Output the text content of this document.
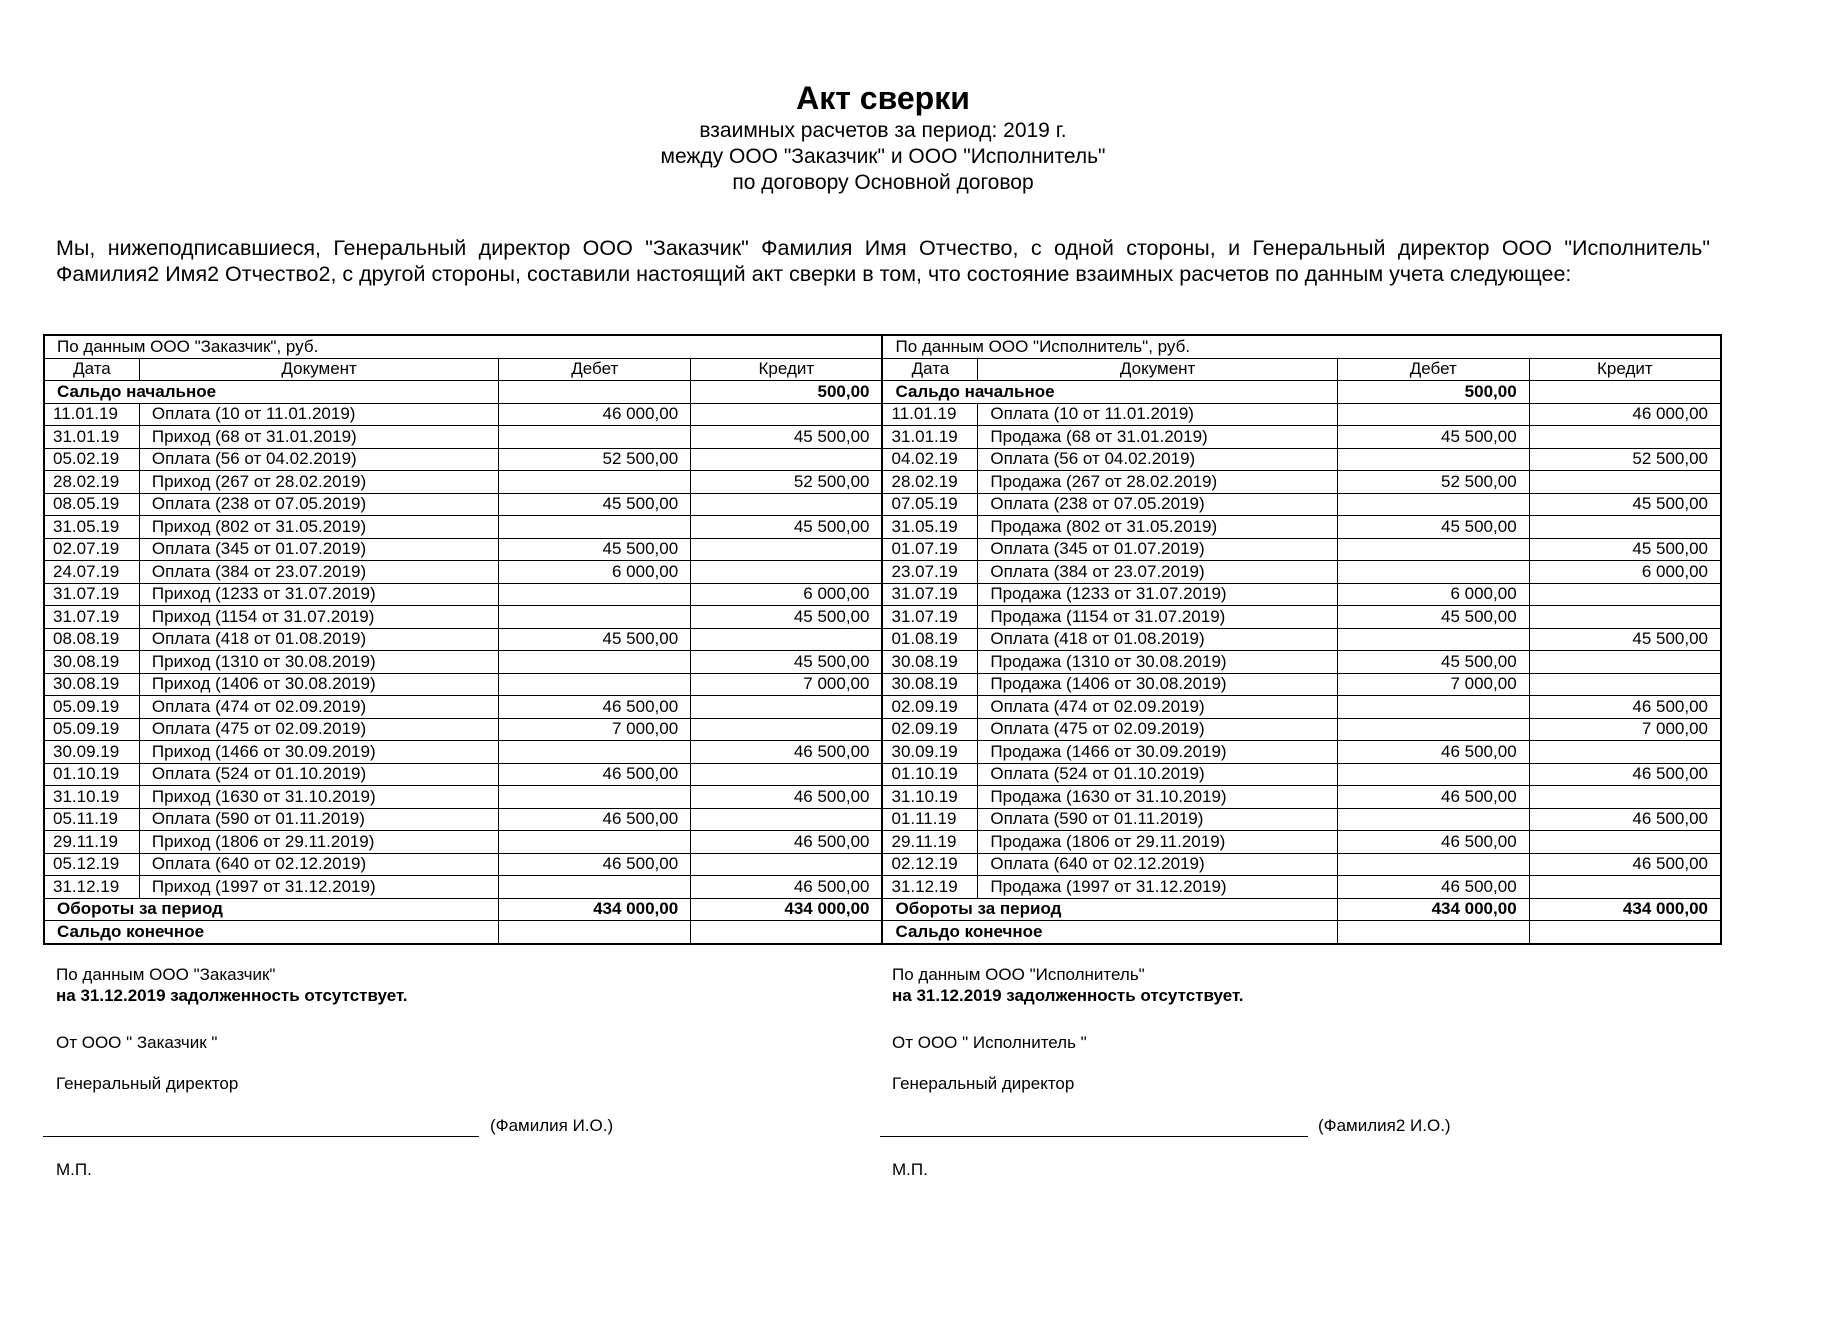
Акт сверки
взаимных расчетов за период: 2019 г.
между ООО "Заказчик" и ООО "Исполнитель"
по договору Основной договор
Мы, нижеподписавшиеся, Генеральный директор ООО "Заказчик" Фамилия Имя Отчество, с одной стороны, и Генеральный директор ООО "Исполнитель" Фамилия2 Имя2 Отчество2, с другой стороны, составили настоящий акт сверки в том, что состояние взаимных расчетов по данным учета следующее:
По данным ООО "Заказчик", руб.				По данным ООО "Исполнитель", руб.			
Дата	Документ	Дебет	Кредит	Дата	Документ	Дебет	Кредит
Сальдо начальное			500,00	Сальдо начальное		500,00	
11.01.19	Оплата (10 от 11.01.2019)	46 000,00		11.01.19	Оплата (10 от 11.01.2019)		46 000,00
31.01.19	Приход (68 от 31.01.2019)		45 500,00	31.01.19	Продажа (68 от 31.01.2019)	45 500,00	
05.02.19	Оплата (56 от 04.02.2019)	52 500,00		04.02.19	Оплата (56 от 04.02.2019)		52 500,00
28.02.19	Приход (267 от 28.02.2019)		52 500,00	28.02.19	Продажа (267 от 28.02.2019)	52 500,00	
08.05.19	Оплата (238 от 07.05.2019)	45 500,00		07.05.19	Оплата (238 от 07.05.2019)		45 500,00
31.05.19	Приход (802 от 31.05.2019)		45 500,00	31.05.19	Продажа (802 от 31.05.2019)	45 500,00	
02.07.19	Оплата (345 от 01.07.2019)	45 500,00		01.07.19	Оплата (345 от 01.07.2019)		45 500,00
24.07.19	Оплата (384 от 23.07.2019)	6 000,00		23.07.19	Оплата (384 от 23.07.2019)		6 000,00
31.07.19	Приход (1233 от 31.07.2019)		6 000,00	31.07.19	Продажа (1233 от 31.07.2019)	6 000,00	
31.07.19	Приход (1154 от 31.07.2019)		45 500,00	31.07.19	Продажа (1154 от 31.07.2019)	45 500,00	
08.08.19	Оплата (418 от 01.08.2019)	45 500,00		01.08.19	Оплата (418 от 01.08.2019)		45 500,00
30.08.19	Приход (1310 от 30.08.2019)		45 500,00	30.08.19	Продажа (1310 от 30.08.2019)	45 500,00	
30.08.19	Приход (1406 от 30.08.2019)		7 000,00	30.08.19	Продажа (1406 от 30.08.2019)	7 000,00	
05.09.19	Оплата (474 от 02.09.2019)	46 500,00		02.09.19	Оплата (474 от 02.09.2019)		46 500,00
05.09.19	Оплата (475 от 02.09.2019)	7 000,00		02.09.19	Оплата (475 от 02.09.2019)		7 000,00
30.09.19	Приход (1466 от 30.09.2019)		46 500,00	30.09.19	Продажа (1466 от 30.09.2019)	46 500,00	
01.10.19	Оплата (524 от 01.10.2019)	46 500,00		01.10.19	Оплата (524 от 01.10.2019)		46 500,00
31.10.19	Приход (1630 от 31.10.2019)		46 500,00	31.10.19	Продажа (1630 от 31.10.2019)	46 500,00	
05.11.19	Оплата (590 от 01.11.2019)	46 500,00		01.11.19	Оплата (590 от 01.11.2019)		46 500,00
29.11.19	Приход (1806 от 29.11.2019)		46 500,00	29.11.19	Продажа (1806 от 29.11.2019)	46 500,00	
05.12.19	Оплата (640 от 02.12.2019)	46 500,00		02.12.19	Оплата (640 от 02.12.2019)		46 500,00
31.12.19	Приход (1997 от 31.12.2019)		46 500,00	31.12.19	Продажа (1997 от 31.12.2019)	46 500,00	
Обороты за период		434 000,00	434 000,00	Обороты за период		434 000,00	434 000,00
Сальдо конечное				Сальдо конечное			
По данным ООО "Заказчик"
на 31.12.2019 задолженность отсутствует.
От ООО " Заказчик "
Генеральный директор
(Фамилия И.О.)
М.П.
По данным ООО "Исполнитель"
на 31.12.2019 задолженность отсутствует.
От ООО " Исполнитель "
Генеральный директор
(Фамилия2 И.О.)
М.П.
